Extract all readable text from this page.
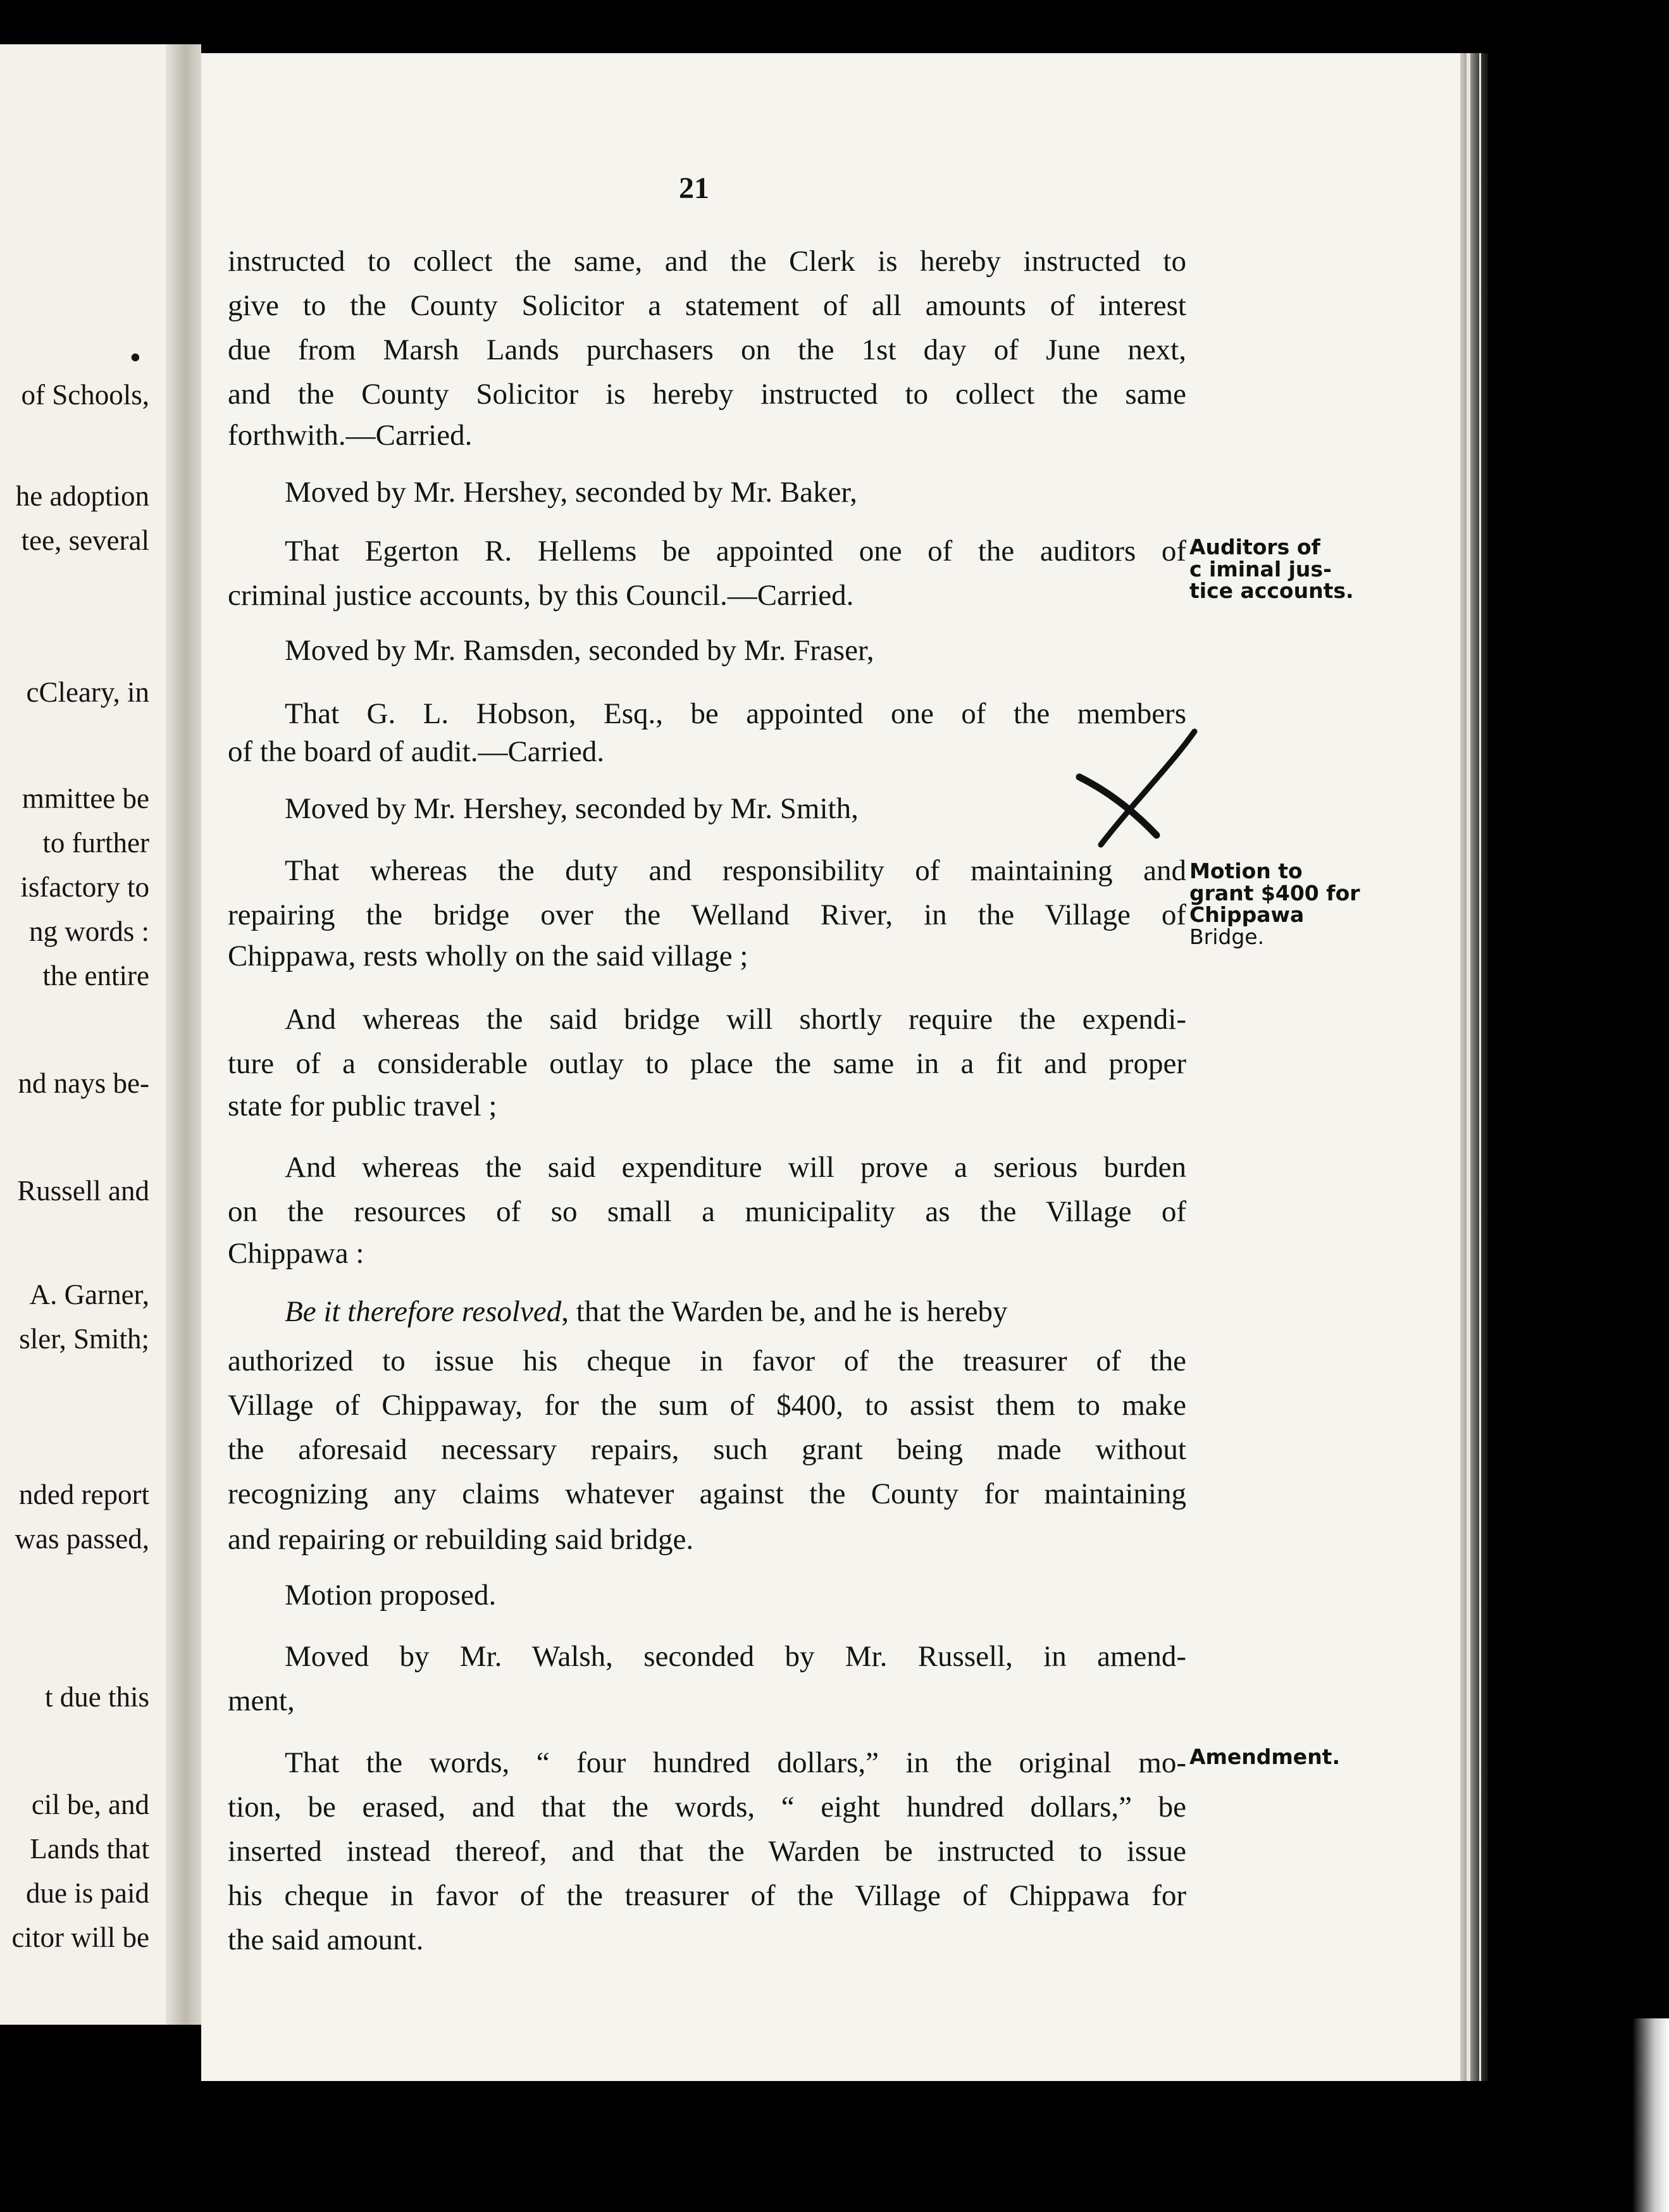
•
of Schools,
he adoption
tee, several
cCleary, in
mmittee be
to further
isfactory to
ng words :
the entire
nd nays be-
Russell and
A. Garner,
sler, Smith;
nded report
was passed,
t due this
cil be, and
Lands that
due is paid
citor will be
21
instructed to collect the same, and the Clerk is hereby instructed to
give to the County Solicitor a statement of all amounts of interest
due from Marsh Lands purchasers on the 1st day of June next,
and the County Solicitor is hereby instructed to collect the same
forthwith.—Carried.
Moved by Mr. Hershey, seconded by Mr. Baker,
That Egerton R. Hellems be appointed one of the auditors of
criminal justice accounts, by this Council.—Carried.
Moved by Mr. Ramsden, seconded by Mr. Fraser,
That G. L. Hobson, Esq., be appointed one of the members
of the board of audit.—Carried.
Moved by Mr. Hershey, seconded by Mr. Smith,
That whereas the duty and responsibility of maintaining and
repairing the bridge over the Welland River, in the Village of
Chippawa, rests wholly on the said village ;
And whereas the said bridge will shortly require the expendi-
ture of a considerable outlay to place the same in a fit and proper
state for public travel ;
And whereas the said expenditure will prove a serious burden
on the resources of so small a municipality as the Village of
Chippawa :
Be it therefore resolved, that the Warden be, and he is hereby
authorized to issue his cheque in favor of the treasurer of the
Village of Chippaway, for the sum of $400, to assist them to make
the aforesaid necessary repairs, such grant being made without
recognizing any claims whatever against the County for maintaining
and repairing or rebuilding said bridge.
Motion proposed.
Moved by Mr. Walsh, seconded by Mr. Russell, in amend-
ment,
That the words, “ four hundred dollars,” in the original mo-
tion, be erased, and that the words, “ eight hundred dollars,” be
inserted instead thereof, and that the Warden be instructed to issue
his cheque in favor of the treasurer of the Village of Chippawa for
the said amount.
Auditors of
c iminal jus-
tice accounts.
Motion to
grant $400 for
Chippawa
Bridge.
Amendment.
